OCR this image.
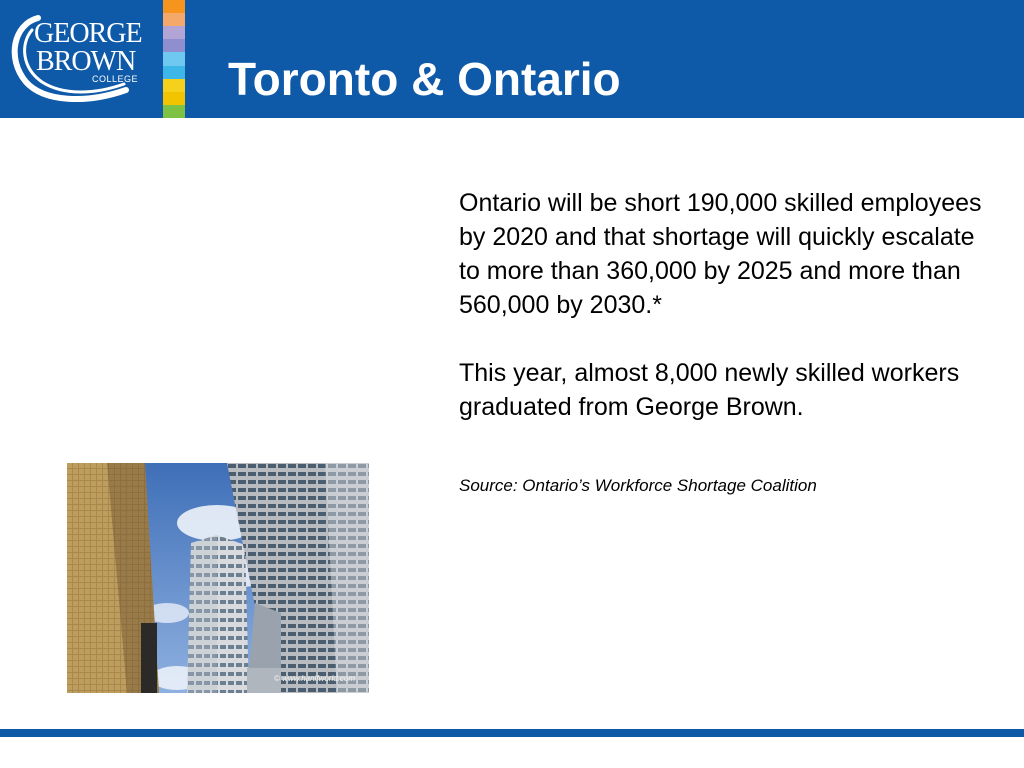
GEORGE
BROWN
COLLEGE Toronto & Ontario

Ontario will be short 190,000 skilled employees by 2020 and that shortage will quickly escalate to more than 360,000 by 2025 and more than 560,000 by 2030.*

This year, almost 8,000 newly skilled workers graduated from George Brown.

Source: Ontario’s Workforce Shortage Coalition

© www.hanifworld.com
